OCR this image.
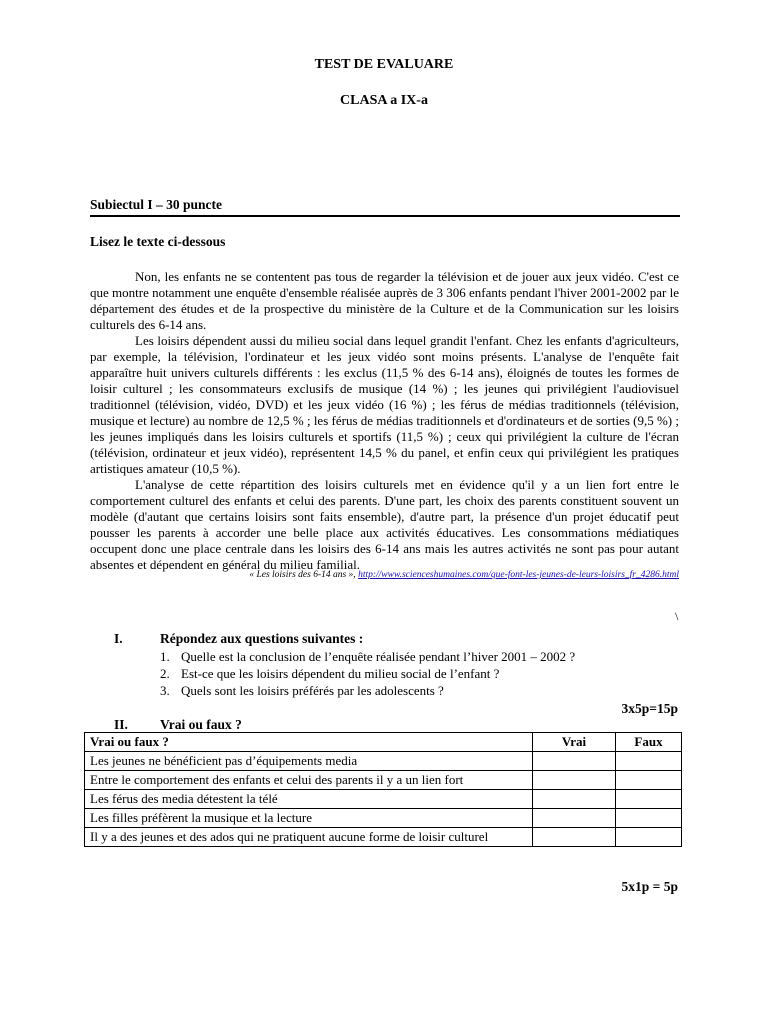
TEST DE EVALUARE
CLASA a IX-a
Subiectul I – 30 puncte
Lisez le texte ci-dessous

Non, les enfants ne se contentent pas tous de regarder la télévision et de jouer aux jeux vidéo. C'est ce que montre notamment une enquête d'ensemble réalisée auprès de 3 306 enfants pendant l'hiver 2001-2002 par le département des études et de la prospective du ministère de la Culture et de la Communication sur les loisirs culturels des 6-14 ans.

Les loisirs dépendent aussi du milieu social dans lequel grandit l'enfant. Chez les enfants d'agriculteurs, par exemple, la télévision, l'ordinateur et les jeux vidéo sont moins présents. L'analyse de l'enquête fait apparaître huit univers culturels différents : les exclus (11,5 % des 6-14 ans), éloignés de toutes les formes de loisir culturel ; les consommateurs exclusifs de musique (14 %) ; les jeunes qui privilégient l'audiovisuel traditionnel (télévision, vidéo, DVD) et les jeux vidéo (16 %) ; les férus de médias traditionnels (télévision, musique et lecture) au nombre de 12,5 % ; les férus de médias traditionnels et d'ordinateurs et de sorties (9,5 %) ; les jeunes impliqués dans les loisirs culturels et sportifs (11,5 %) ; ceux qui privilégient la culture de l'écran (télévision, ordinateur et jeux vidéo), représentent 14,5 % du panel, et enfin ceux qui privilégient les pratiques artistiques amateur (10,5 %).

L'analyse de cette répartition des loisirs culturels met en évidence qu'il y a un lien fort entre le comportement culturel des enfants et celui des parents. D'une part, les choix des parents constituent souvent un modèle (d'autant que certains loisirs sont faits ensemble), d'autre part, la présence d'un projet éducatif peut pousser les parents à accorder une belle place aux activités éducatives. Les consommations médiatiques occupent donc une place centrale dans les loisirs des 6-14 ans mais les autres activités ne sont pas pour autant absentes et dépendent en général du milieu familial.

« Les loisirs des 6-14 ans », http://www.scienceshumaines.com/que-font-les-jeunes-de-leurs-loisirs_fr_4286.html
\
I.	Répondez aux questions suivantes :
1. Quelle est la conclusion de l’enquête réalisée pendant l’hiver 2001 – 2002 ?
2. Est-ce que les loisirs dépendent du milieu social de l’enfant ?
3. Quels sont les loisirs préférés par les adolescents ?
3x5p=15p
II. Vrai ou faux ?
Vrai ou faux ?	Vrai	Faux
Les jeunes ne bénéficient pas d’équipements media		
Entre le comportement des enfants et celui des parents il y a un lien fort		
Les férus des media détestent la télé		
Les filles préfèrent la musique et la lecture		
Il y a des jeunes et des ados qui ne pratiquent aucune forme de loisir culturel		
5x1p = 5p
